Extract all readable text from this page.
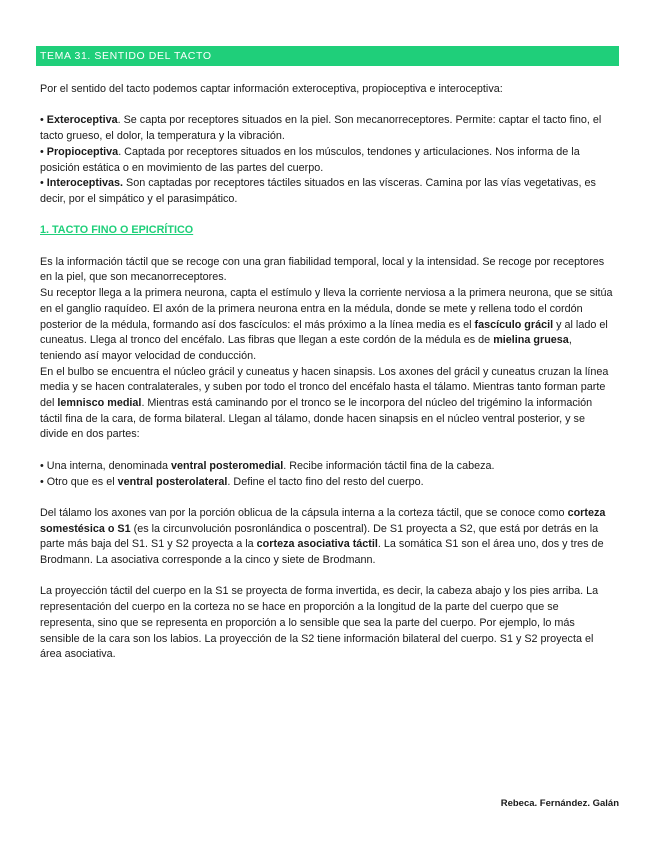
TEMA 31. SENTIDO DEL TACTO

Por el sentido del tacto podemos captar información exteroceptiva, propioceptiva e interoceptiva:

• Exteroceptiva. Se capta por receptores situados en la piel. Son mecanorreceptores. Permite: captar el tacto fino, el tacto grueso, el dolor, la temperatura y la vibración.

• Propioceptiva. Captada por receptores situados en los músculos, tendones y articulaciones. Nos informa de la posición estática o en movimiento de las partes del cuerpo.

• Interoceptivas. Son captadas por receptores táctiles situados en las vísceras. Camina por las vías vegetativas, es decir, por el simpático y el parasimpático.

1. TACTO FINO O EPICRÍTICO

Es la información táctil que se recoge con una gran fiabilidad temporal, local y la intensidad. Se recoge por receptores en la piel, que son mecanorreceptores.

Su receptor llega a la primera neurona, capta el estímulo y lleva la corriente nerviosa a la primera neurona, que se sitúa en el ganglio raquídeo. El axón de la primera neurona entra en la médula, donde se mete y rellena todo el cordón posterior de la médula, formando así dos fascículos: el más próximo a la línea media es el fascículo grácil y al lado el cuneatus. Llega al tronco del encéfalo. Las fibras que llegan a este cordón de la médula es de mielina gruesa, teniendo así mayor velocidad de conducción.

En el bulbo se encuentra el núcleo grácil y cuneatus y hacen sinapsis. Los axones del grácil y cuneatus cruzan la línea media y se hacen contralaterales, y suben por todo el tronco del encéfalo hasta el tálamo. Mientras tanto forman parte del lemnisco medial. Mientras está caminando por el tronco se le incorpora del núcleo del trigémino la información táctil fina de la cara, de forma bilateral. Llegan al tálamo, donde hacen sinapsis en el núcleo ventral posterior, y se divide en dos partes:

• Una interna, denominada ventral posteromedial. Recibe información táctil fina de la cabeza.

• Otro que es el ventral posterolateral. Define el tacto fino del resto del cuerpo.

Del tálamo los axones van por la porción oblicua de la cápsula interna a la corteza táctil, que se conoce como corteza somestésica o S1 (es la circunvolución posronlándica o poscentral). De S1 proyecta a S2, que está por detrás en la parte más baja del S1. S1 y S2 proyecta a la corteza asociativa táctil. La somática S1 son el área uno, dos y tres de Brodmann. La asociativa corresponde a la cinco y siete de Brodmann.

La proyección táctil del cuerpo en la S1 se proyecta de forma invertida, es decir, la cabeza abajo y los pies arriba. La representación del cuerpo en la corteza no se hace en proporción a la longitud de la parte del cuerpo que se representa, sino que se representa en proporción a lo sensible que sea la parte del cuerpo. Por ejemplo, lo más sensible de la cara son los labios. La proyección de la S2 tiene información bilateral del cuerpo. S1 y S2 proyecta el área asociativa.

Rebeca. Fernández. Galán
